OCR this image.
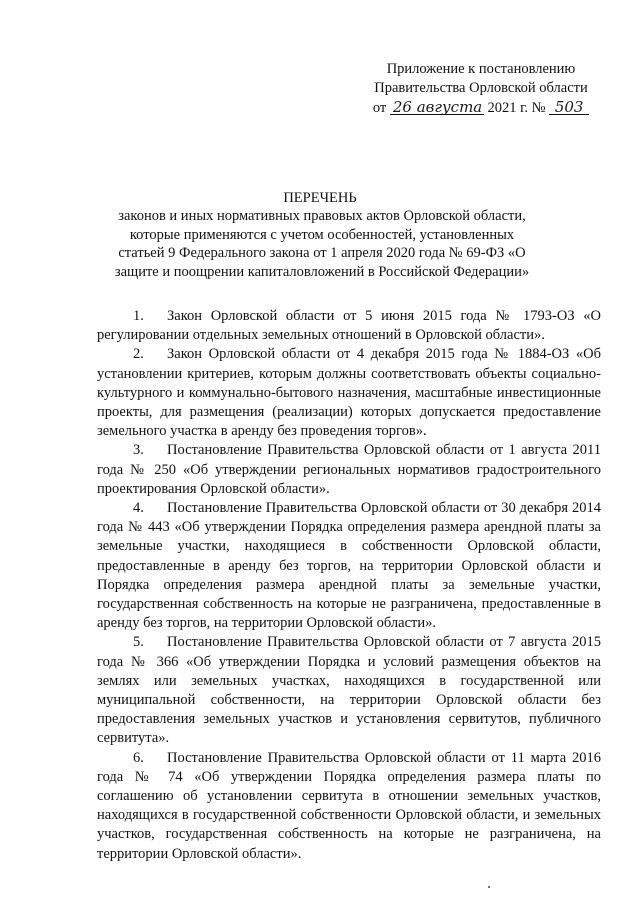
Приложение к постановлению
Правительства Орловской области
от 26 августа 2021 г. № 503
ПЕРЕЧЕНЬ
законов и иных нормативных правовых актов Орловской области, которые применяются с учетом особенностей, установленных статьей 9 Федерального закона от 1 апреля 2020 года № 69-ФЗ «О защите и поощрении капиталовложений в Российской Федерации»

1. Закон Орловской области от 5 июня 2015 года № 1793-ОЗ «О регулировании отдельных земельных отношений в Орловской области».

2. Закон Орловской области от 4 декабря 2015 года № 1884-ОЗ «Об установлении критериев, которым должны соответствовать объекты социально-культурного и коммунально-бытового назначения, масштабные инвестиционные проекты, для размещения (реализации) которых допускается предоставление земельного участка в аренду без проведения торгов».

3. Постановление Правительства Орловской области от 1 августа 2011 года № 250 «Об утверждении региональных нормативов градостроительного проектирования Орловской области».

4. Постановление Правительства Орловской области от 30 декабря 2014 года № 443 «Об утверждении Порядка определения размера арендной платы за земельные участки, находящиеся в собственности Орловской области, предоставленные в аренду без торгов, на территории Орловской области и Порядка определения размера арендной платы за земельные участки, государственная собственность на которые не разграничена, предоставленные в аренду без торгов, на территории Орловской области».

5. Постановление Правительства Орловской области от 7 августа 2015 года № 366 «Об утверждении Порядка и условий размещения объектов на землях или земельных участках, находящихся в государственной или муниципальной собственности, на территории Орловской области без предоставления земельных участков и установления сервитутов, публичного сервитута».

6. Постановление Правительства Орловской области от 11 марта 2016 года № 74 «Об утверждении Порядка определения размера платы по соглашению об установлении сервитута в отношении земельных участков, находящихся в государственной собственности Орловской области, и земельных участков, государственная собственность на которые не разграничена, на территории Орловской области».
